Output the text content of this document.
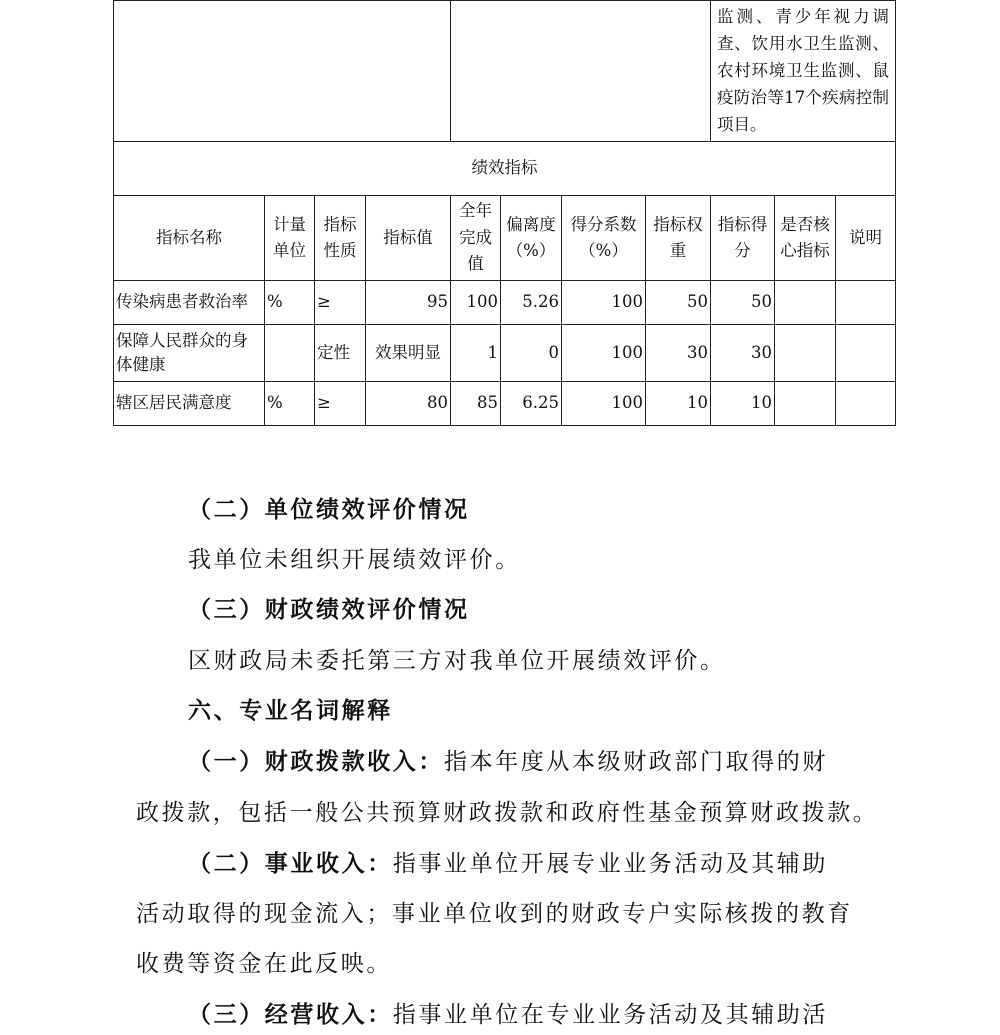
								监测、青少年视力调查、饮用水卫生监测、农村环境卫生监测、鼠疫防治等17个疾病控制项目。		
绩效指标										
指标名称	计量单位	指标性质	指标值	全年完成值	偏离度（%）	得分系数（%）	指标权重	指标得分	是否核心指标	说明
传染病患者救治率	%	≥	95	100	5.26	100	50	50		
保障人民群众的身体健康		定性	效果明显	1	0	100	30	30		
辖区居民满意度	%	≥	80	85	6.25	100	10	10		
（二）单位绩效评价情况
我单位未组织开展绩效评价。
（三）财政绩效评价情况
区财政局未委托第三方对我单位开展绩效评价。
六、专业名词解释
（一）财政拨款收入：指本年度从本级财政部门取得的财
政拨款，包括一般公共预算财政拨款和政府性基金预算财政拨款。
（二）事业收入：指事业单位开展专业业务活动及其辅助
活动取得的现金流入；事业单位收到的财政专户实际核拨的教育
收费等资金在此反映。
（三）经营收入：指事业单位在专业业务活动及其辅助活
